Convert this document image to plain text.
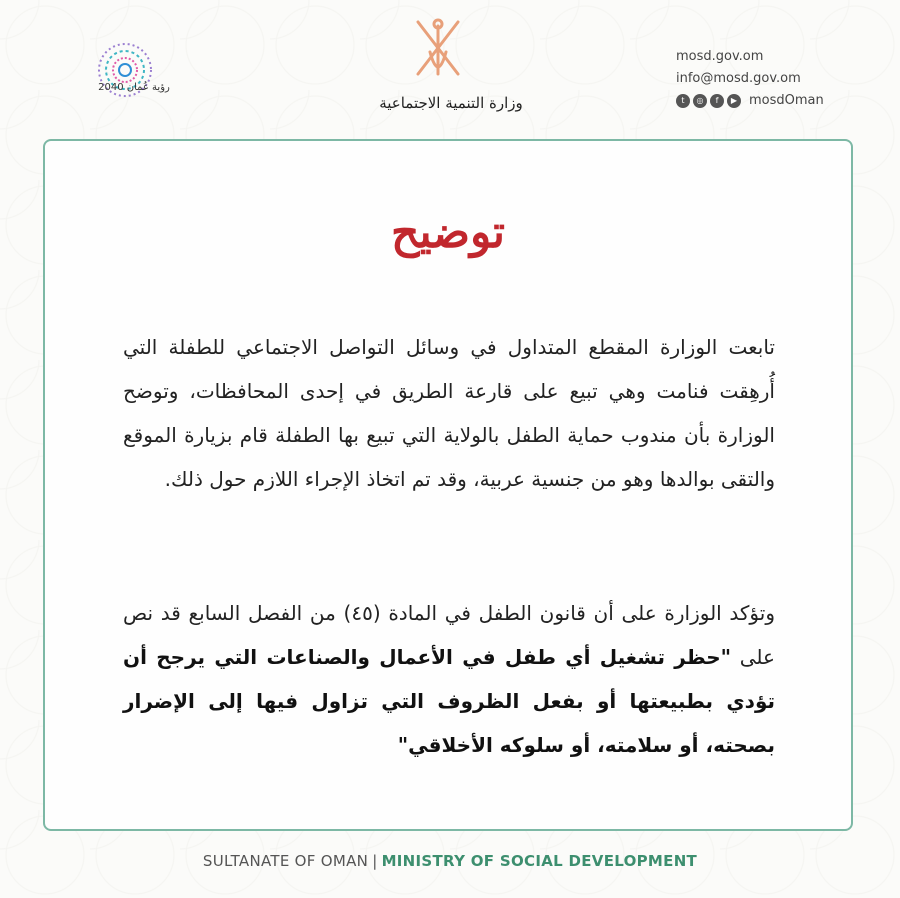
رؤية عُمان 2040
وزارة التنمية الاجتماعية
mosd.gov.om
info@mosd.gov.om
t	◎	f	▶ mosdOman
توضيح

تابعت الوزارة المقطع المتداول في وسائل التواصل الاجتماعي للطفلة التي أُرهِقت فنامت وهي تبيع على قارعة الطريق في إحدى المحافظات، وتوضح الوزارة بأن مندوب حماية الطفل بالولاية التي تبيع بها الطفلة قام بزيارة الموقع والتقى بوالدها وهو من جنسية عربية، وقد تم اتخاذ الإجراء اللازم حول ذلك.

وتؤكد الوزارة على أن قانون الطفل في المادة (٤٥) من الفصل السابع قد نص على "حظر تشغيل أي طفل في الأعمال والصناعات التي يرجح أن تؤدي بطبيعتها أو بفعل الظروف التي تزاول فيها إلى الإضرار بصحته، أو سلامته، أو سلوكه الأخلاقي"

SULTANATE OF OMAN | MINISTRY OF SOCIAL DEVELOPMENT
